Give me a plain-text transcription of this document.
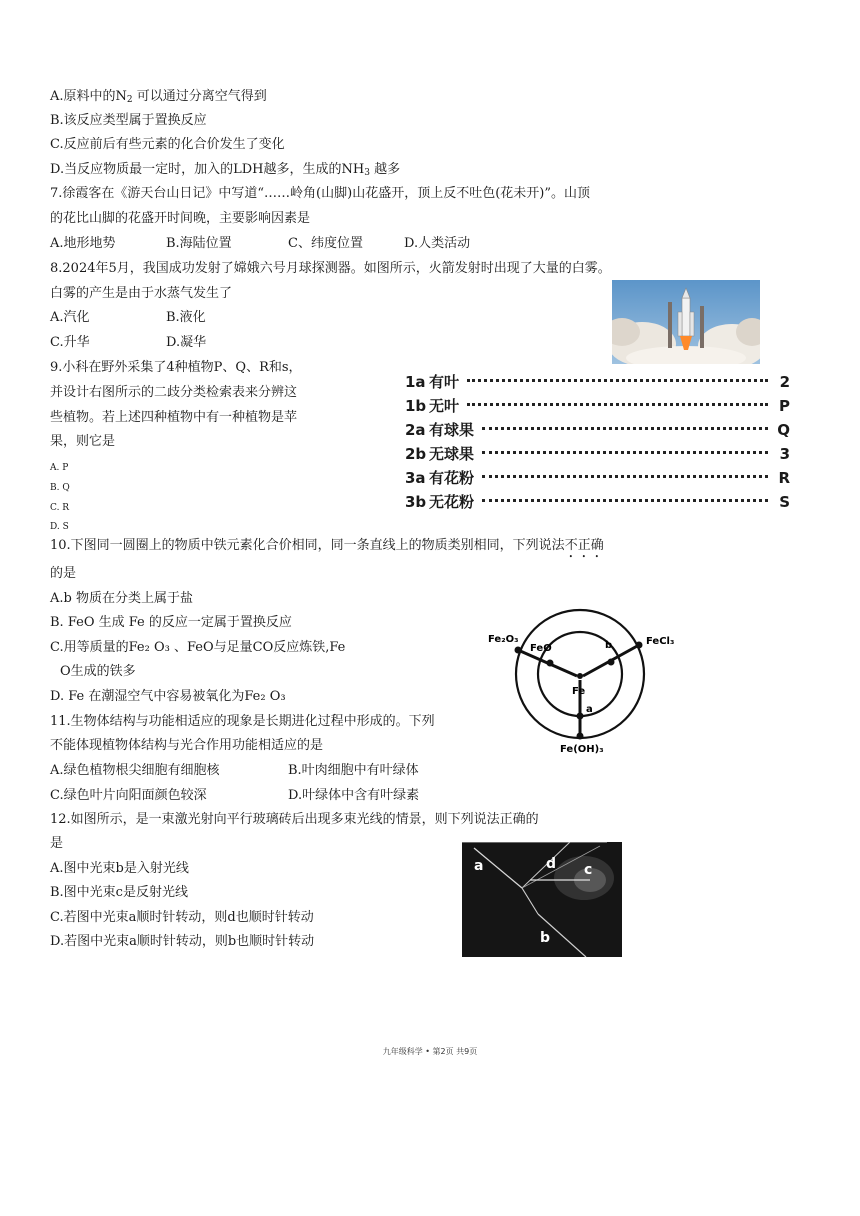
A.原料中的$N_2$ 可以通过分离空气得到
B.该反应类型属于置换反应
C.反应前后有些元素的化合价发生了变化
D.当反应物质最一定时，加入的LDH越多，生成的$NH_3$ 越多
7.徐霞客在《游天台山日记》中写道“……岭角(山脚)山花盛开，顶上反不吐色(花未开)”。山顶
的花比山脚的花盛开时间晚，主要影响因素是
A.地形地势	B.海陆位置	C、纬度位置	D.人类活动
8.2024年5月，我国成功发射了嫦娥六号月球探测器。如图所示，火箭发射时出现了大量的白雾。
白雾的产生是由于水蒸气发生了
A.汽化	B.液化
C.升华	D.凝华
9.小科在野外采集了4种植物P、Q、R和s，
并设计右图所示的二歧分类检索表来分辨这
些植物。若上述四种植物中有一种植物是苹
果，则它是
A. P
B. Q
C. R
D. S
1a 有叶	2
1b 无叶	P
2a 有球果	Q
2b 无球果	3
3a 有花粉	R
3b 无花粉	S
10.下图同一圆圈上的物质中铁元素化合价相同，同一条直线上的物质类别相同，下列说法不正确
的是
A.b 物质在分类上属于盐
B. FeO 生成 Fe 的反应一定属于置换反应
C.用等质量的Fe₂ O₃ 、FeO与足量CO反应炼铁,Fe
O生成的铁多
D. Fe 在潮湿空气中容易被氧化为Fe₂ O₃
Fe₂O₃
FeO	b	FeCl₃
Fe
a
Fe(OH)₃
11.生物体结构与功能相适应的现象是长期进化过程中形成的。下列
不能体现植物体结构与光合作用功能相适应的是
A.绿色植物根尖细胞有细胞核	B.叶肉细胞中有叶绿体
C.绿色叶片向阳面颜色较深	D.叶绿体中含有叶绿素
12.如图所示，是一束激光射向平行玻璃砖后出现多束光线的情景，则下列说法正确的
是
A.图中光束b是入射光线
B.图中光束c是反射光线
C.若图中光束a顺时针转动，则d也顺时针转动
D.若图中光束a顺时针转动，则b也顺时针转动
a	d c
b
九年级科学 • 第2页 共9页
